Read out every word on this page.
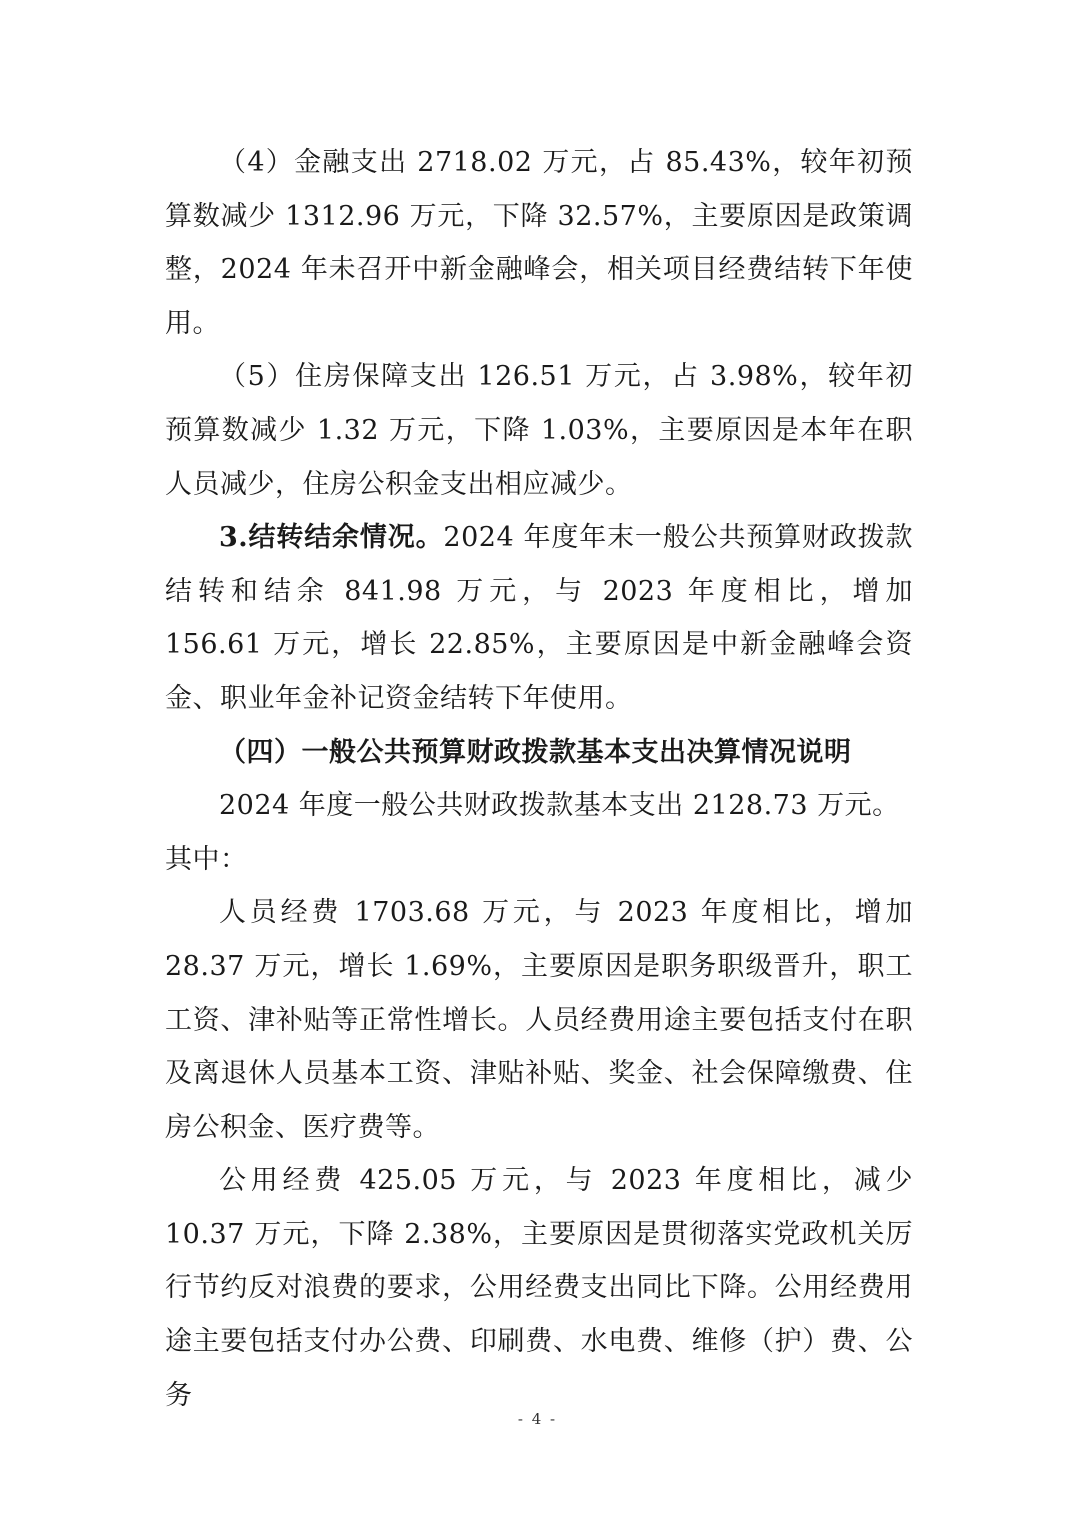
（4）金融支出 2718.02 万元，占 85.43%，较年初预算数减少 1312.96 万元，下降 32.57%，主要原因是政策调整，2024 年未召开中新金融峰会，相关项目经费结转下年使用。

（5）住房保障支出 126.51 万元，占 3.98%，较年初预算数减少 1.32 万元，下降 1.03%，主要原因是本年在职人员减少，住房公积金支出相应减少。

3.结转结余情况。2024 年度年末一般公共预算财政拨款结转和结余 841.98 万元，与 2023 年度相比，增加 156.61 万元，增长 22.85%，主要原因是中新金融峰会资金、职业年金补记资金结转下年使用。

（四）一般公共预算财政拨款基本支出决算情况说明

2024 年度一般公共财政拨款基本支出 2128.73 万元。

其中：

人员经费 1703.68 万元，与 2023 年度相比，增加 28.37 万元，增长 1.69%，主要原因是职务职级晋升，职工工资、津补贴等正常性增长。人员经费用途主要包括支付在职及离退休人员基本工资、津贴补贴、奖金、社会保障缴费、住房公积金、医疗费等。

公用经费 425.05 万元，与 2023 年度相比，减少 10.37 万元，下降 2.38%，主要原因是贯彻落实党政机关厉行节约反对浪费的要求，公用经费支出同比下降。公用经费用途主要包括支付办公费、印刷费、水电费、维修（护）费、公务

- 4 -
